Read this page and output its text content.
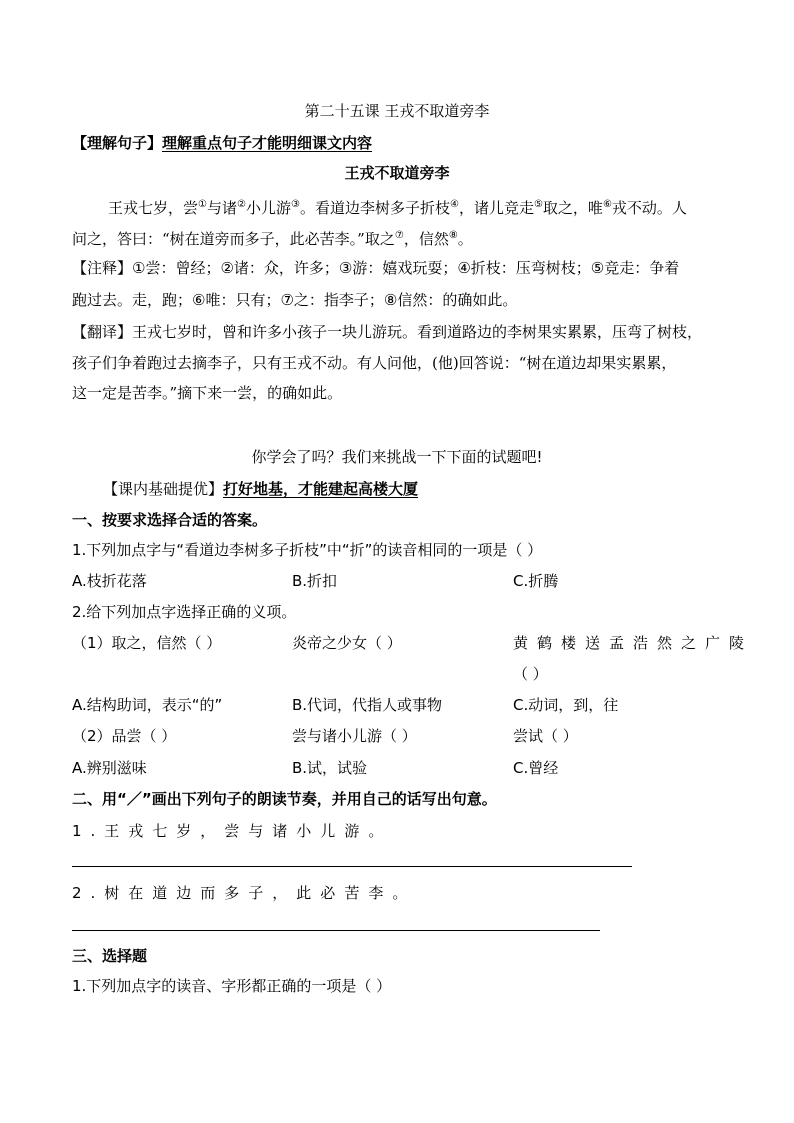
第二十五课 王戎不取道旁李
【理解句子】理解重点句子才能明细课文内容
王戎不取道旁李
王戎七岁，尝①与诸②小儿游③。看道边李树多子折枝④，诸儿竞走⑤取之，唯⑥戎不动。人
问之，答曰：“树在道旁而多子，此必苦李。”取之⑦，信然⑧。
【注释】①尝：曾经；②诸：众，许多；③游：嬉戏玩耍；④折枝：压弯树枝；⑤竞走：争着
跑过去。走，跑；⑥唯：只有；⑦之：指李子；⑧信然：的确如此。
【翻译】王戎七岁时，曾和许多小孩子一块儿游玩。看到道路边的李树果实累累，压弯了树枝，
孩子们争着跑过去摘李子，只有王戎不动。有人问他，(他)回答说：“树在道边却果实累累，
这一定是苦李。”摘下来一尝，的确如此。
你学会了吗？我们来挑战一下下面的试题吧!
【课内基础提优】打好地基，才能建起高楼大厦
一、按要求选择合适的答案。
1.下列加点字与“看道边李树多子折枝”中“折”的读音相同的一项是（ ）
A.枝折花落	B.折扣	C.折腾
2.给下列加点字选择正确的义项。
（1）取之，信然（ ）	炎帝之少女（ ）	黄鹤楼送孟浩然之广陵
（ ）
A.结构助词，表示“的”	B.代词，代指人或事物	C.动词，到，往
（2）品尝（ ）	尝与诸小儿游（ ）	尝试（ ）
A.辨别滋味	B.试，试验	C.曾经
二、用“／”画出下列句子的朗读节奏，并用自己的话写出句意。
1.王戎七岁，尝与诸小儿游。
2.树在道边而多子，此必苦李。
三、选择题
1.下列加点字的读音、字形都正确的一项是（ ）
